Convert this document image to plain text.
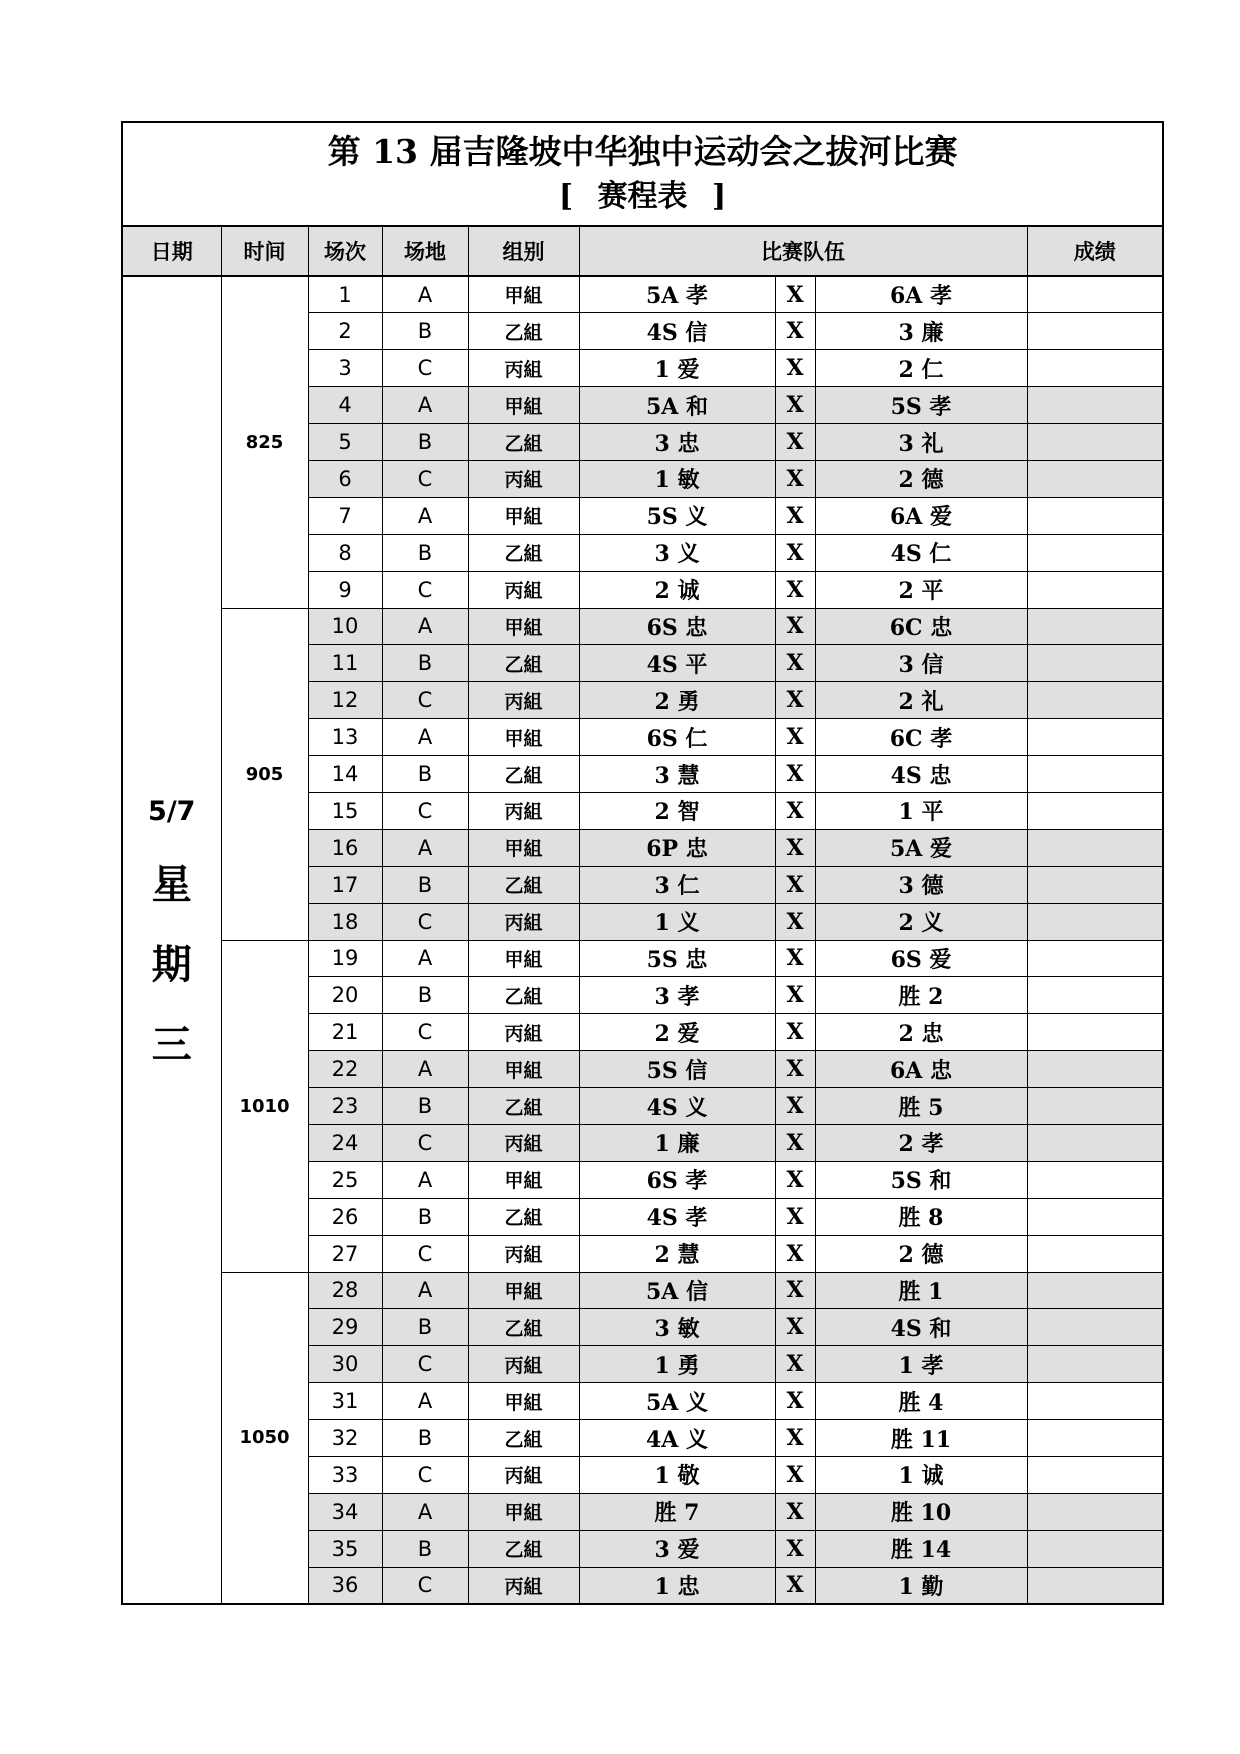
第 13 届吉隆坡中华独中运动会之拔河比赛
[ 赛程表 ]								

日期	时间	场次	场地	组别	比赛队伍			成绩

5/7
星
期
三	825	1	A	甲組	5A 孝	X	6A 孝	
		2	B	乙組	4S 信	X	3 廉	
		3	C	丙組	1 爱	X	2 仁	
		4	A	甲組	5A 和	X	5S 孝	
		5	B	乙組	3 忠	X	3 礼	
		6	C	丙組	1 敏	X	2 德	
		7	A	甲組	5S 义	X	6A 爱	
		8	B	乙組	3 义	X	4S 仁	
		9	C	丙組	2 诚	X	2 平	
	905	10	A	甲組	6S 忠	X	6C 忠	
		11	B	乙組	4S 平	X	3 信	
		12	C	丙組	2 勇	X	2 礼	
		13	A	甲組	6S 仁	X	6C 孝	
		14	B	乙組	3 慧	X	4S 忠	
		15	C	丙組	2 智	X	1 平	
		16	A	甲組	6P 忠	X	5A 爱	
		17	B	乙組	3 仁	X	3 德	
		18	C	丙組	1 义	X	2 义	
	1010	19	A	甲組	5S 忠	X	6S 爱	
		20	B	乙組	3 孝	X	胜 2	
		21	C	丙組	2 爱	X	2 忠	
		22	A	甲組	5S 信	X	6A 忠	
		23	B	乙組	4S 义	X	胜 5	
		24	C	丙組	1 廉	X	2 孝	
		25	A	甲組	6S 孝	X	5S 和	
		26	B	乙組	4S 孝	X	胜 8	
		27	C	丙組	2 慧	X	2 德	
	1050	28	A	甲組	5A 信	X	胜 1	
		29	B	乙組	3 敏	X	4S 和	
		30	C	丙組	1 勇	X	1 孝	
		31	A	甲組	5A 义	X	胜 4	
		32	B	乙組	4A 义	X	胜 11	
		33	C	丙組	1 敬	X	1 诚	
		34	A	甲組	胜 7	X	胜 10	
		35	B	乙組	3 爱	X	胜 14	
		36	C	丙組	1 忠	X	1 勤	
